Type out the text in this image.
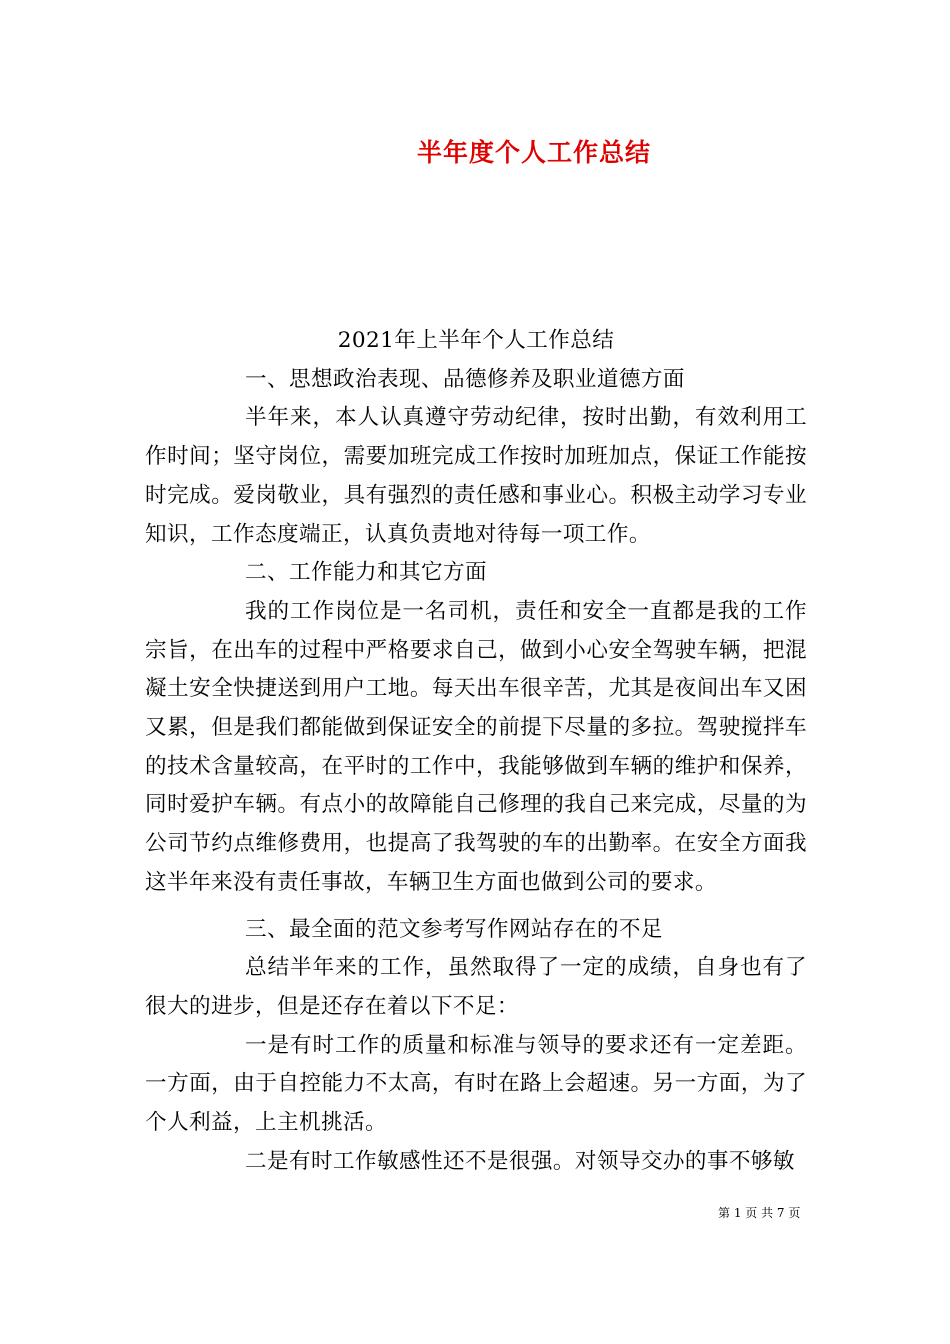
半年度个人工作总结

2021年上半年个人工作总结

一、思想政治表现、品德修养及职业道德方面

半年来，本人认真遵守劳动纪律，按时出勤，有效利用工作时间；坚守岗位，需要加班完成工作按时加班加点，保证工作能按时完成。爱岗敬业，具有强烈的责任感和事业心。积极主动学习专业知识，工作态度端正，认真负责地对待每一项工作。

二、工作能力和其它方面

我的工作岗位是一名司机，责任和安全一直都是我的工作宗旨，在出车的过程中严格要求自己，做到小心安全驾驶车辆，把混凝土安全快捷送到用户工地。每天出车很辛苦，尤其是夜间出车又困又累，但是我们都能做到保证安全的前提下尽量的多拉。驾驶搅拌车的技术含量较高，在平时的工作中，我能够做到车辆的维护和保养，同时爱护车辆。有点小的故障能自己修理的我自己来完成，尽量的为公司节约点维修费用，也提高了我驾驶的车的出勤率。在安全方面我这半年来没有责任事故，车辆卫生方面也做到公司的要求。

三、最全面的范文参考写作网站存在的不足

总结半年来的工作，虽然取得了一定的成绩，自身也有了很大的进步，但是还存在着以下不足：

一是有时工作的质量和标准与领导的要求还有一定差距。一方面，由于自控能力不太高，有时在路上会超速。另一方面，为了个人利益，上主机挑活。

二是有时工作敏感性还不是很强。对领导交办的事不够敏

第 1 页 共 7 页
